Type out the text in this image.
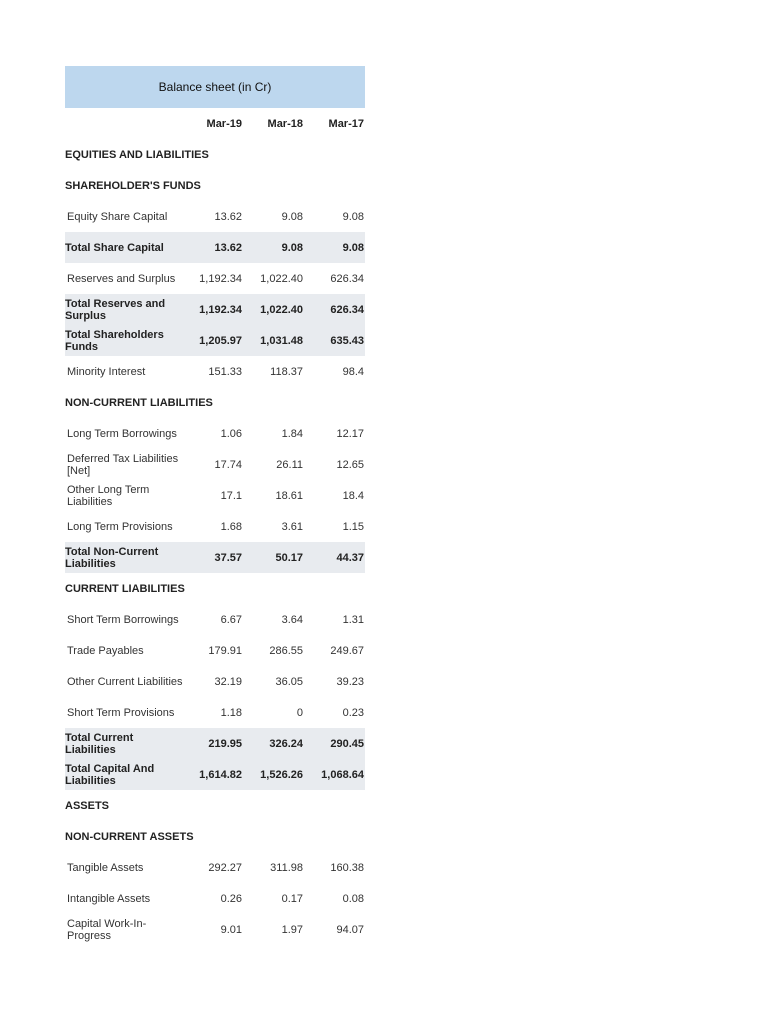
Balance sheet (in Cr)
Mar-19	Mar-18	Mar-17
EQUITIES AND LIABILITIES
SHAREHOLDER'S FUNDS
Equity Share Capital	13.62	9.08	9.08
Total Share Capital	13.62	9.08	9.08
Reserves and Surplus	1,192.34	1,022.40	626.34
Total Reserves and Surplus	1,192.34	1,022.40	626.34
Total Shareholders Funds	1,205.97	1,031.48	635.43
Minority Interest	151.33	118.37	98.4
NON-CURRENT LIABILITIES
Long Term Borrowings	1.06	1.84	12.17
Deferred Tax Liabilities [Net]	17.74	26.11	12.65
Other Long Term Liabilities	17.1	18.61	18.4
Long Term Provisions	1.68	3.61	1.15
Total Non-Current Liabilities	37.57	50.17	44.37
CURRENT LIABILITIES
Short Term Borrowings	6.67	3.64	1.31
Trade Payables	179.91	286.55	249.67
Other Current Liabilities	32.19	36.05	39.23
Short Term Provisions	1.18	0	0.23
Total Current Liabilities	219.95	326.24	290.45
Total Capital And Liabilities	1,614.82	1,526.26	1,068.64
ASSETS
NON-CURRENT ASSETS
Tangible Assets	292.27	311.98	160.38
Intangible Assets	0.26	0.17	0.08
Capital Work-In-Progress	9.01	1.97	94.07
